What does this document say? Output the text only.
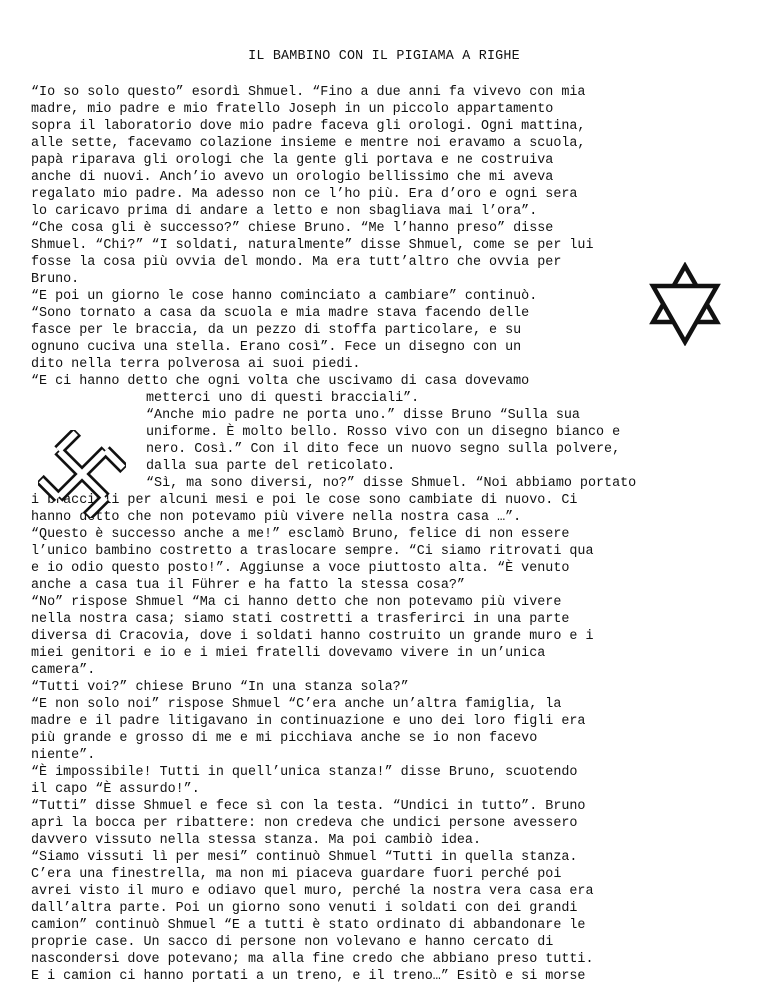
IL BAMBINO CON IL PIGIAMA A RIGHE
“Io so solo questo” esordì Shmuel. “Fino a due anni fa vivevo con mia
madre, mio padre e mio fratello Joseph in un piccolo appartamento
sopra il laboratorio dove mio padre faceva gli orologi. Ogni mattina,
alle sette, facevamo colazione insieme e mentre noi eravamo a scuola,
papà riparava gli orologi che la gente gli portava e ne costruiva
anche di nuovi. Anch’io avevo un orologio bellissimo che mi aveva
regalato mio padre. Ma adesso non ce l’ho più. Era d’oro e ogni sera
lo caricavo prima di andare a letto e non sbagliava mai l’ora”.
“Che cosa gli è successo?” chiese Bruno. “Me l’hanno preso” disse
Shmuel. “Chi?” “I soldati, naturalmente” disse Shmuel, come se per lui
fosse la cosa più ovvia del mondo. Ma era tutt’altro che ovvia per
Bruno.
“E poi un giorno le cose hanno cominciato a cambiare” continuò.
“Sono tornato a casa da scuola e mia madre stava facendo delle
fasce per le braccia, da un pezzo di stoffa particolare, e su
ognuno cuciva una stella. Erano così”. Fece un disegno con un
dito nella terra polverosa ai suoi piedi.
“E ci hanno detto che ogni volta che uscivamo di casa dovevamo
metterci uno di questi bracciali”.
“Anche mio padre ne porta uno.” disse Bruno “Sulla sua
uniforme. È molto bello. Rosso vivo con un disegno bianco e
nero. Così.” Con il dito fece un nuovo segno sulla polvere,
dalla sua parte del reticolato.
“Sì, ma sono diversi, no?” disse Shmuel. “Noi abbiamo portato
i bracciali per alcuni mesi e poi le cose sono cambiate di nuovo. Ci
hanno detto che non potevamo più vivere nella nostra casa …”.
“Questo è successo anche a me!” esclamò Bruno, felice di non essere
l’unico bambino costretto a traslocare sempre. “Ci siamo ritrovati qua
e io odio questo posto!”. Aggiunse a voce piuttosto alta. “È venuto
anche a casa tua il Führer e ha fatto la stessa cosa?”
“No” rispose Shmuel “Ma ci hanno detto che non potevamo più vivere
nella nostra casa; siamo stati costretti a trasferirci in una parte
diversa di Cracovia, dove i soldati hanno costruito un grande muro e i
miei genitori e io e i miei fratelli dovevamo vivere in un’unica
camera”.
“Tutti voi?” chiese Bruno “In una stanza sola?”
“E non solo noi” rispose Shmuel “C’era anche un’altra famiglia, la
madre e il padre litigavano in continuazione e uno dei loro figli era
più grande e grosso di me e mi picchiava anche se io non facevo
niente”.
“È impossibile! Tutti in quell’unica stanza!” disse Bruno, scuotendo
il capo “È assurdo!”.
“Tutti” disse Shmuel e fece sì con la testa. “Undici in tutto”. Bruno
aprì la bocca per ribattere: non credeva che undici persone avessero
davvero vissuto nella stessa stanza. Ma poi cambiò idea.
“Siamo vissuti lì per mesi” continuò Shmuel “Tutti in quella stanza.
C’era una finestrella, ma non mi piaceva guardare fuori perché poi
avrei visto il muro e odiavo quel muro, perché la nostra vera casa era
dall’altra parte. Poi un giorno sono venuti i soldati con dei grandi
camion” continuò Shmuel “E a tutti è stato ordinato di abbandonare le
proprie case. Un sacco di persone non volevano e hanno cercato di
nascondersi dove potevano; ma alla fine credo che abbiano preso tutti.
E i camion ci hanno portati a un treno, e il treno…” Esitò e si morse
